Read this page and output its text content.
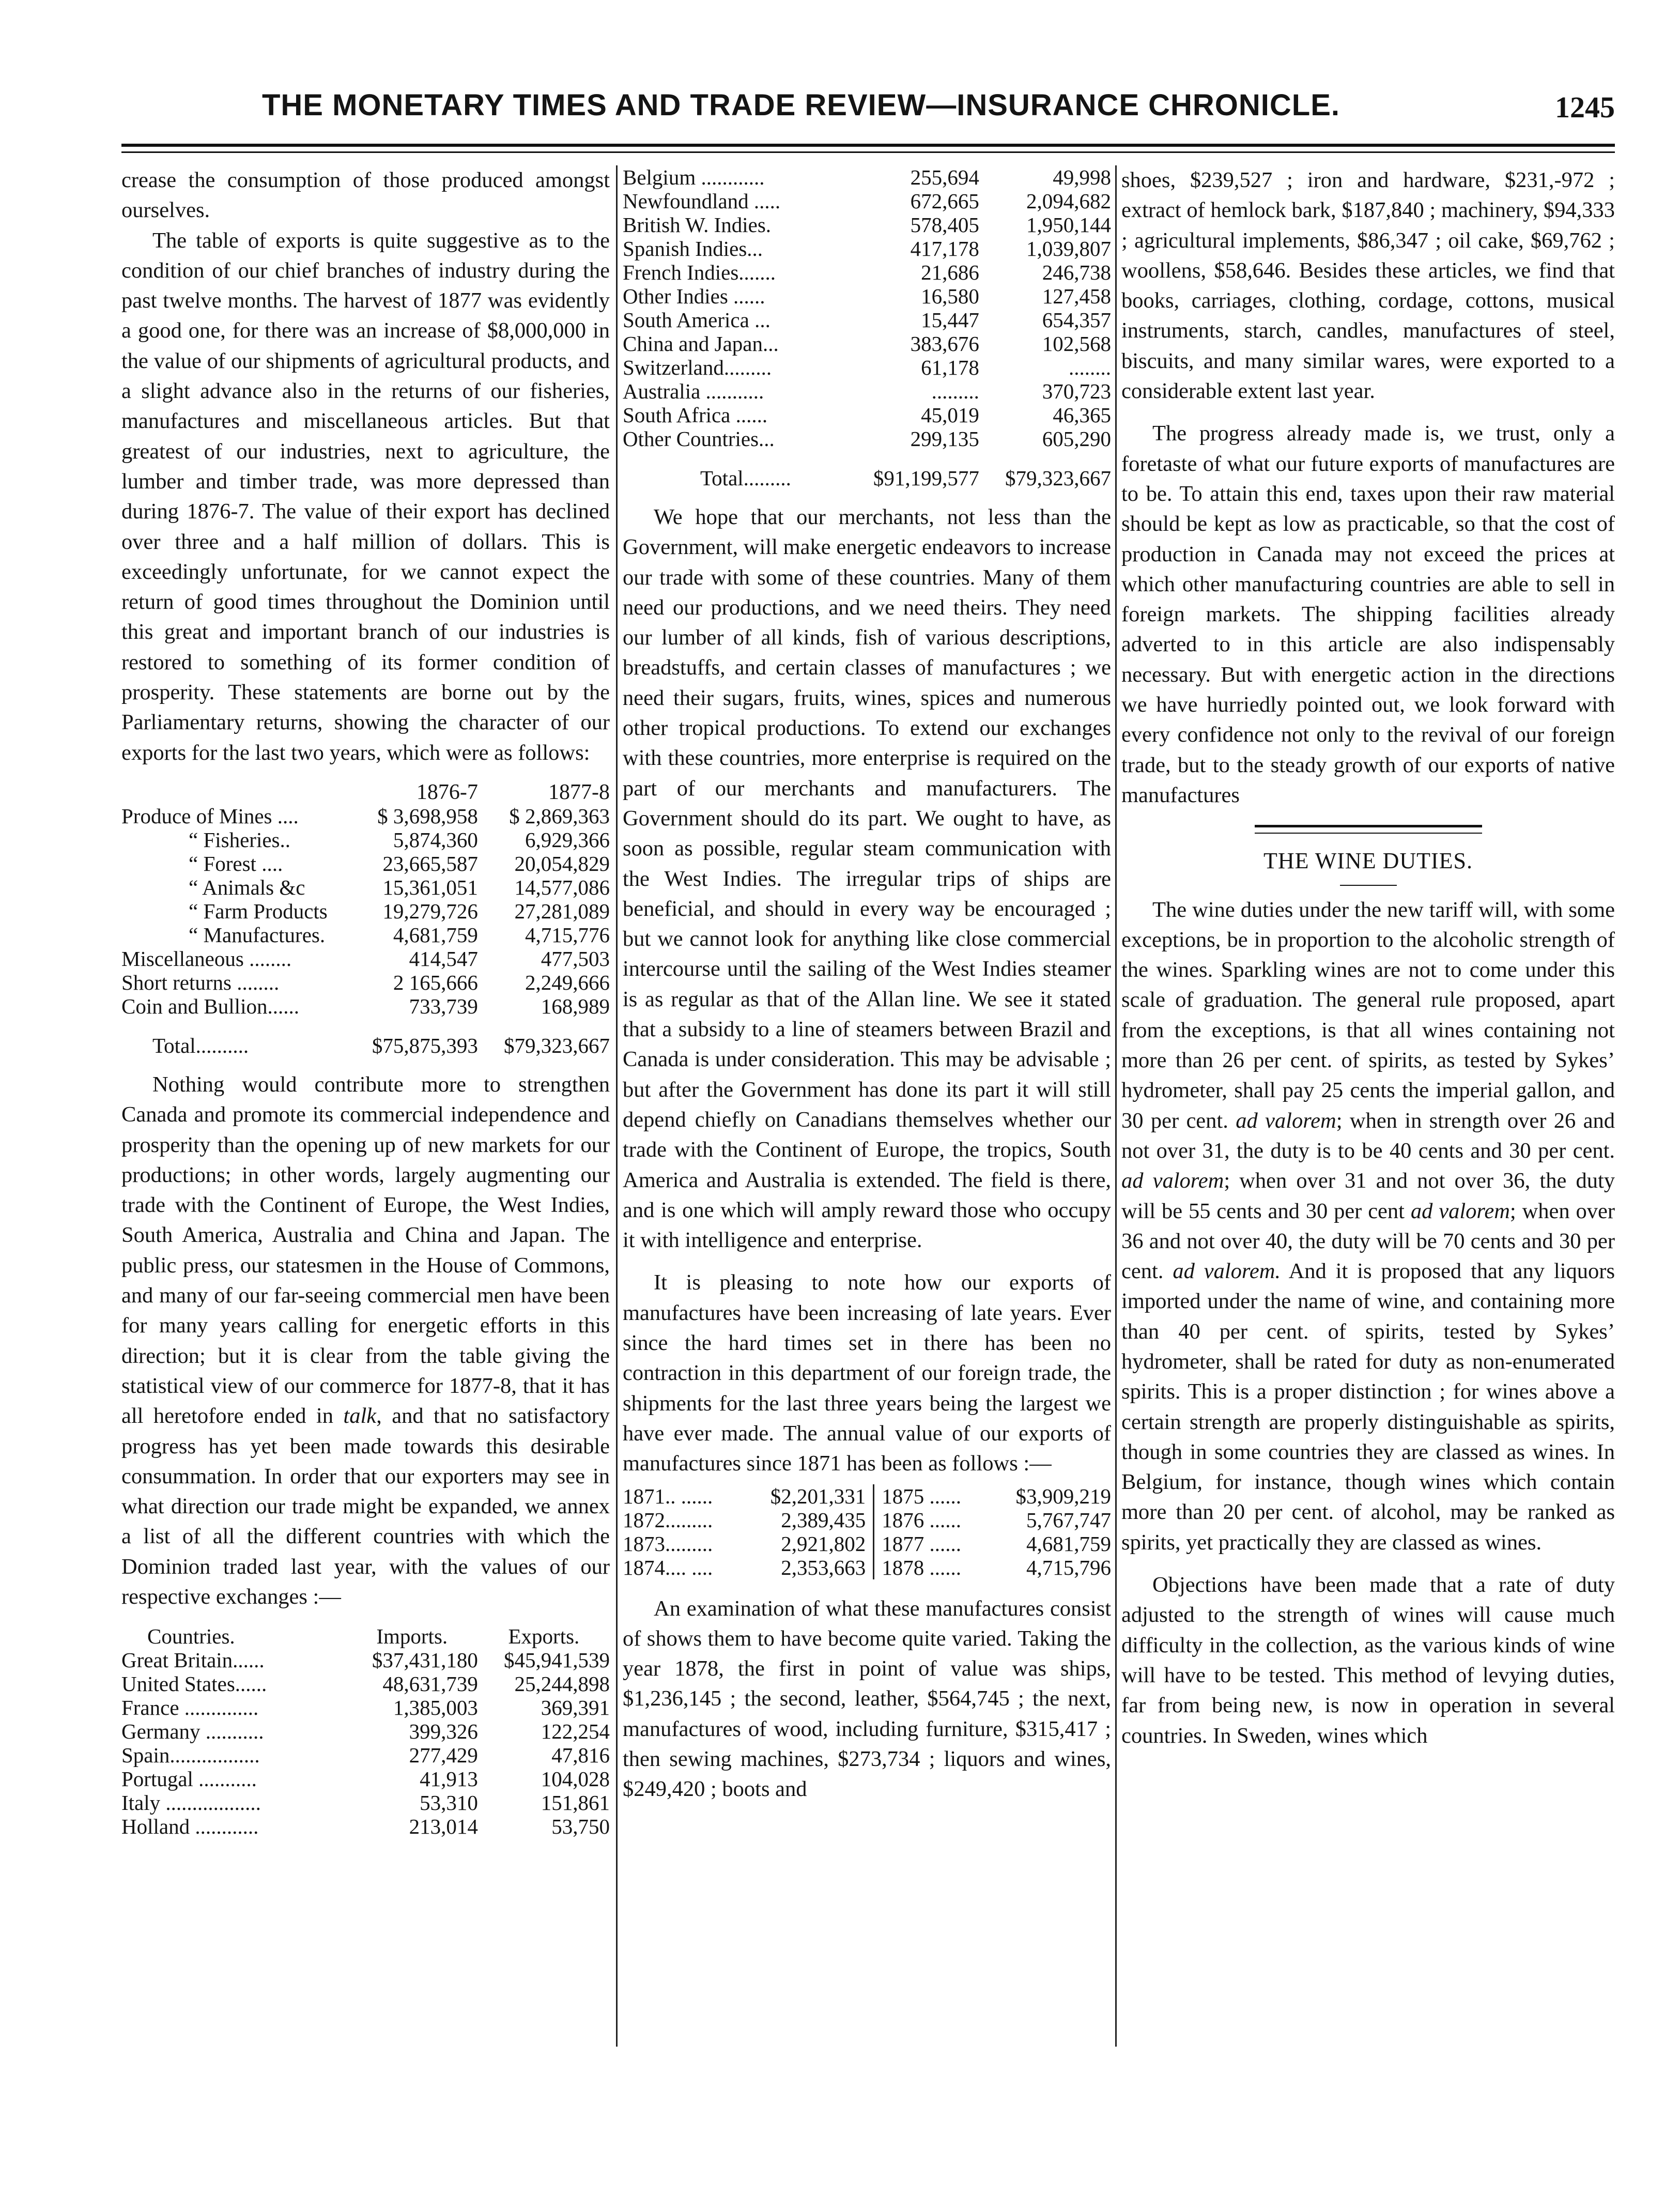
THE MONETARY TIMES AND TRADE REVIEW—INSURANCE CHRONICLE.	1245

crease the consumption of those produced amongst ourselves.

The table of exports is quite suggestive as to the condition of our chief branches of industry during the past twelve months. The harvest of 1877 was evidently a good one, for there was an increase of $8,000,000 in the value of our shipments of agricultural products, and a slight advance also in the returns of our fisheries, manufactures and miscellaneous articles. But that greatest of our industries, next to agriculture, the lumber and timber trade, was more depressed than during 1876-7. The value of their export has declined over three and a half million of dollars. This is exceedingly unfortunate, for we cannot expect the return of good times throughout the Dominion until this great and important branch of our industries is restored to something of its former condition of prosperity. These statements are borne out by the Parliamentary returns, showing the character of our exports for the last two years, which were as follows:

	1876-7	1877-8
Produce of Mines ....	$ 3,698,958	$ 2,869,363
“ Fisheries..	5,874,360	6,929,366
“ Forest ....	23,665,587	20,054,829
“ Animals &c	15,361,051	14,577,086
“ Farm Products	19,279,726	27,281,089
“ Manufactures.	4,681,759	4,715,776
Miscellaneous ........	414,547	477,503
Short returns ........	2 165,666	2,249,666
Coin and Bullion......	733,739	168,989
Total..........	$75,875,393	$79,323,667

Nothing would contribute more to strengthen Canada and promote its commercial independence and prosperity than the opening up of new markets for our productions; in other words, largely augmenting our trade with the Continent of Europe, the West Indies, South America, Australia and China and Japan. The public press, our statesmen in the House of Commons, and many of our far-seeing commercial men have been for many years calling for energetic efforts in this direction; but it is clear from the table giving the statistical view of our commerce for 1877-8, that it has all heretofore ended in talk, and that no satisfactory progress has yet been made towards this desirable consummation. In order that our exporters may see in what direction our trade might be expanded, we annex a list of all the different countries with which the Dominion traded last year, with the values of our respective exchanges :—

Countries.	Imports.	Exports.
Great Britain......	$37,431,180	$45,941,539
United States......	48,631,739	25,244,898
France ..............	1,385,003	369,391
Germany ...........	399,326	122,254
Spain.................	277,429	47,816
Portugal ...........	41,913	104,028
Italy ..................	53,310	151,861
Holland ............	213,014	53,750
Belgium ............	255,694	49,998
Newfoundland .....	672,665	2,094,682
British W. Indies.	578,405	1,950,144
Spanish Indies...	417,178	1,039,807
French Indies.......	21,686	246,738
Other Indies ......	16,580	127,458
South America ...	15,447	654,357
China and Japan...	383,676	102,568
Switzerland.........	61,178	........
Australia ...........	.........	370,723
South Africa ......	45,019	46,365
Other Countries...	299,135	605,290
Total.........	$91,199,577	$79,323,667

We hope that our merchants, not less than the Government, will make energetic endeavors to increase our trade with some of these countries. Many of them need our productions, and we need theirs. They need our lumber of all kinds, fish of various descriptions, breadstuffs, and certain classes of manufactures ; we need their sugars, fruits, wines, spices and numerous other tropical productions. To extend our exchanges with these countries, more enterprise is required on the part of our merchants and manufacturers. The Government should do its part. We ought to have, as soon as possible, regular steam communication with the West Indies. The irregular trips of ships are beneficial, and should in every way be encouraged ; but we cannot look for anything like close commercial intercourse until the sailing of the West Indies steamer is as regular as that of the Allan line. We see it stated that a subsidy to a line of steamers between Brazil and Canada is under consideration. This may be advisable ; but after the Government has done its part it will still depend chiefly on Canadians themselves whether our trade with the Continent of Europe, the tropics, South America and Australia is extended. The field is there, and is one which will amply reward those who occupy it with intelligence and enterprise.

It is pleasing to note how our exports of manufactures have been increasing of late years. Ever since the hard times set in there has been no contraction in this department of our foreign trade, the shipments for the last three years being the largest we have ever made. The annual value of our exports of manufactures since 1871 has been as follows :—

1871.. ......	$2,201,331	1875 ......	$3,909,219
1872.........	2,389,435	1876 ......	5,767,747
1873.........	2,921,802	1877 ......	4,681,759
1874.... ....	2,353,663	1878 ......	4,715,796

An examination of what these manufactures consist of shows them to have become quite varied. Taking the year 1878, the first in point of value was ships, $1,236,145 ; the second, leather, $564,745 ; the next, manufactures of wood, including furniture, $315,417 ; then sewing machines, $273,734 ; liquors and wines, $249,420 ; boots and

shoes, $239,527 ; iron and hardware, $231,-972 ; extract of hemlock bark, $187,840 ; machinery, $94,333 ; agricultural implements, $86,347 ; oil cake, $69,762 ; woollens, $58,646. Besides these articles, we find that books, carriages, clothing, cordage, cottons, musical instruments, starch, candles, manufactures of steel, biscuits, and many similar wares, were exported to a considerable extent last year.

The progress already made is, we trust, only a foretaste of what our future exports of manufactures are to be. To attain this end, taxes upon their raw material should be kept as low as practicable, so that the cost of production in Canada may not exceed the prices at which other manufacturing countries are able to sell in foreign markets. The shipping facilities already adverted to in this article are also indispensably necessary. But with energetic action in the directions we have hurriedly pointed out, we look forward with every confidence not only to the revival of our foreign trade, but to the steady growth of our exports of native manufactures

THE WINE DUTIES.

The wine duties under the new tariff will, with some exceptions, be in proportion to the alcoholic strength of the wines. Sparkling wines are not to come under this scale of graduation. The general rule proposed, apart from the exceptions, is that all wines containing not more than 26 per cent. of spirits, as tested by Sykes’ hydrometer, shall pay 25 cents the imperial gallon, and 30 per cent. ad valorem; when in strength over 26 and not over 31, the duty is to be 40 cents and 30 per cent. ad valorem; when over 31 and not over 36, the duty will be 55 cents and 30 per cent ad valorem; when over 36 and not over 40, the duty will be 70 cents and 30 per cent. ad valorem. And it is proposed that any liquors imported under the name of wine, and containing more than 40 per cent. of spirits, tested by Sykes’ hydrometer, shall be rated for duty as non-enumerated spirits. This is a proper distinction ; for wines above a certain strength are properly distinguishable as spirits, though in some countries they are classed as wines. In Belgium, for instance, though wines which contain more than 20 per cent. of alcohol, may be ranked as spirits, yet practically they are classed as wines.

Objections have been made that a rate of duty adjusted to the strength of wines will cause much difficulty in the collection, as the various kinds of wine will have to be tested. This method of levying duties, far from being new, is now in operation in several countries. In Sweden, wines which
